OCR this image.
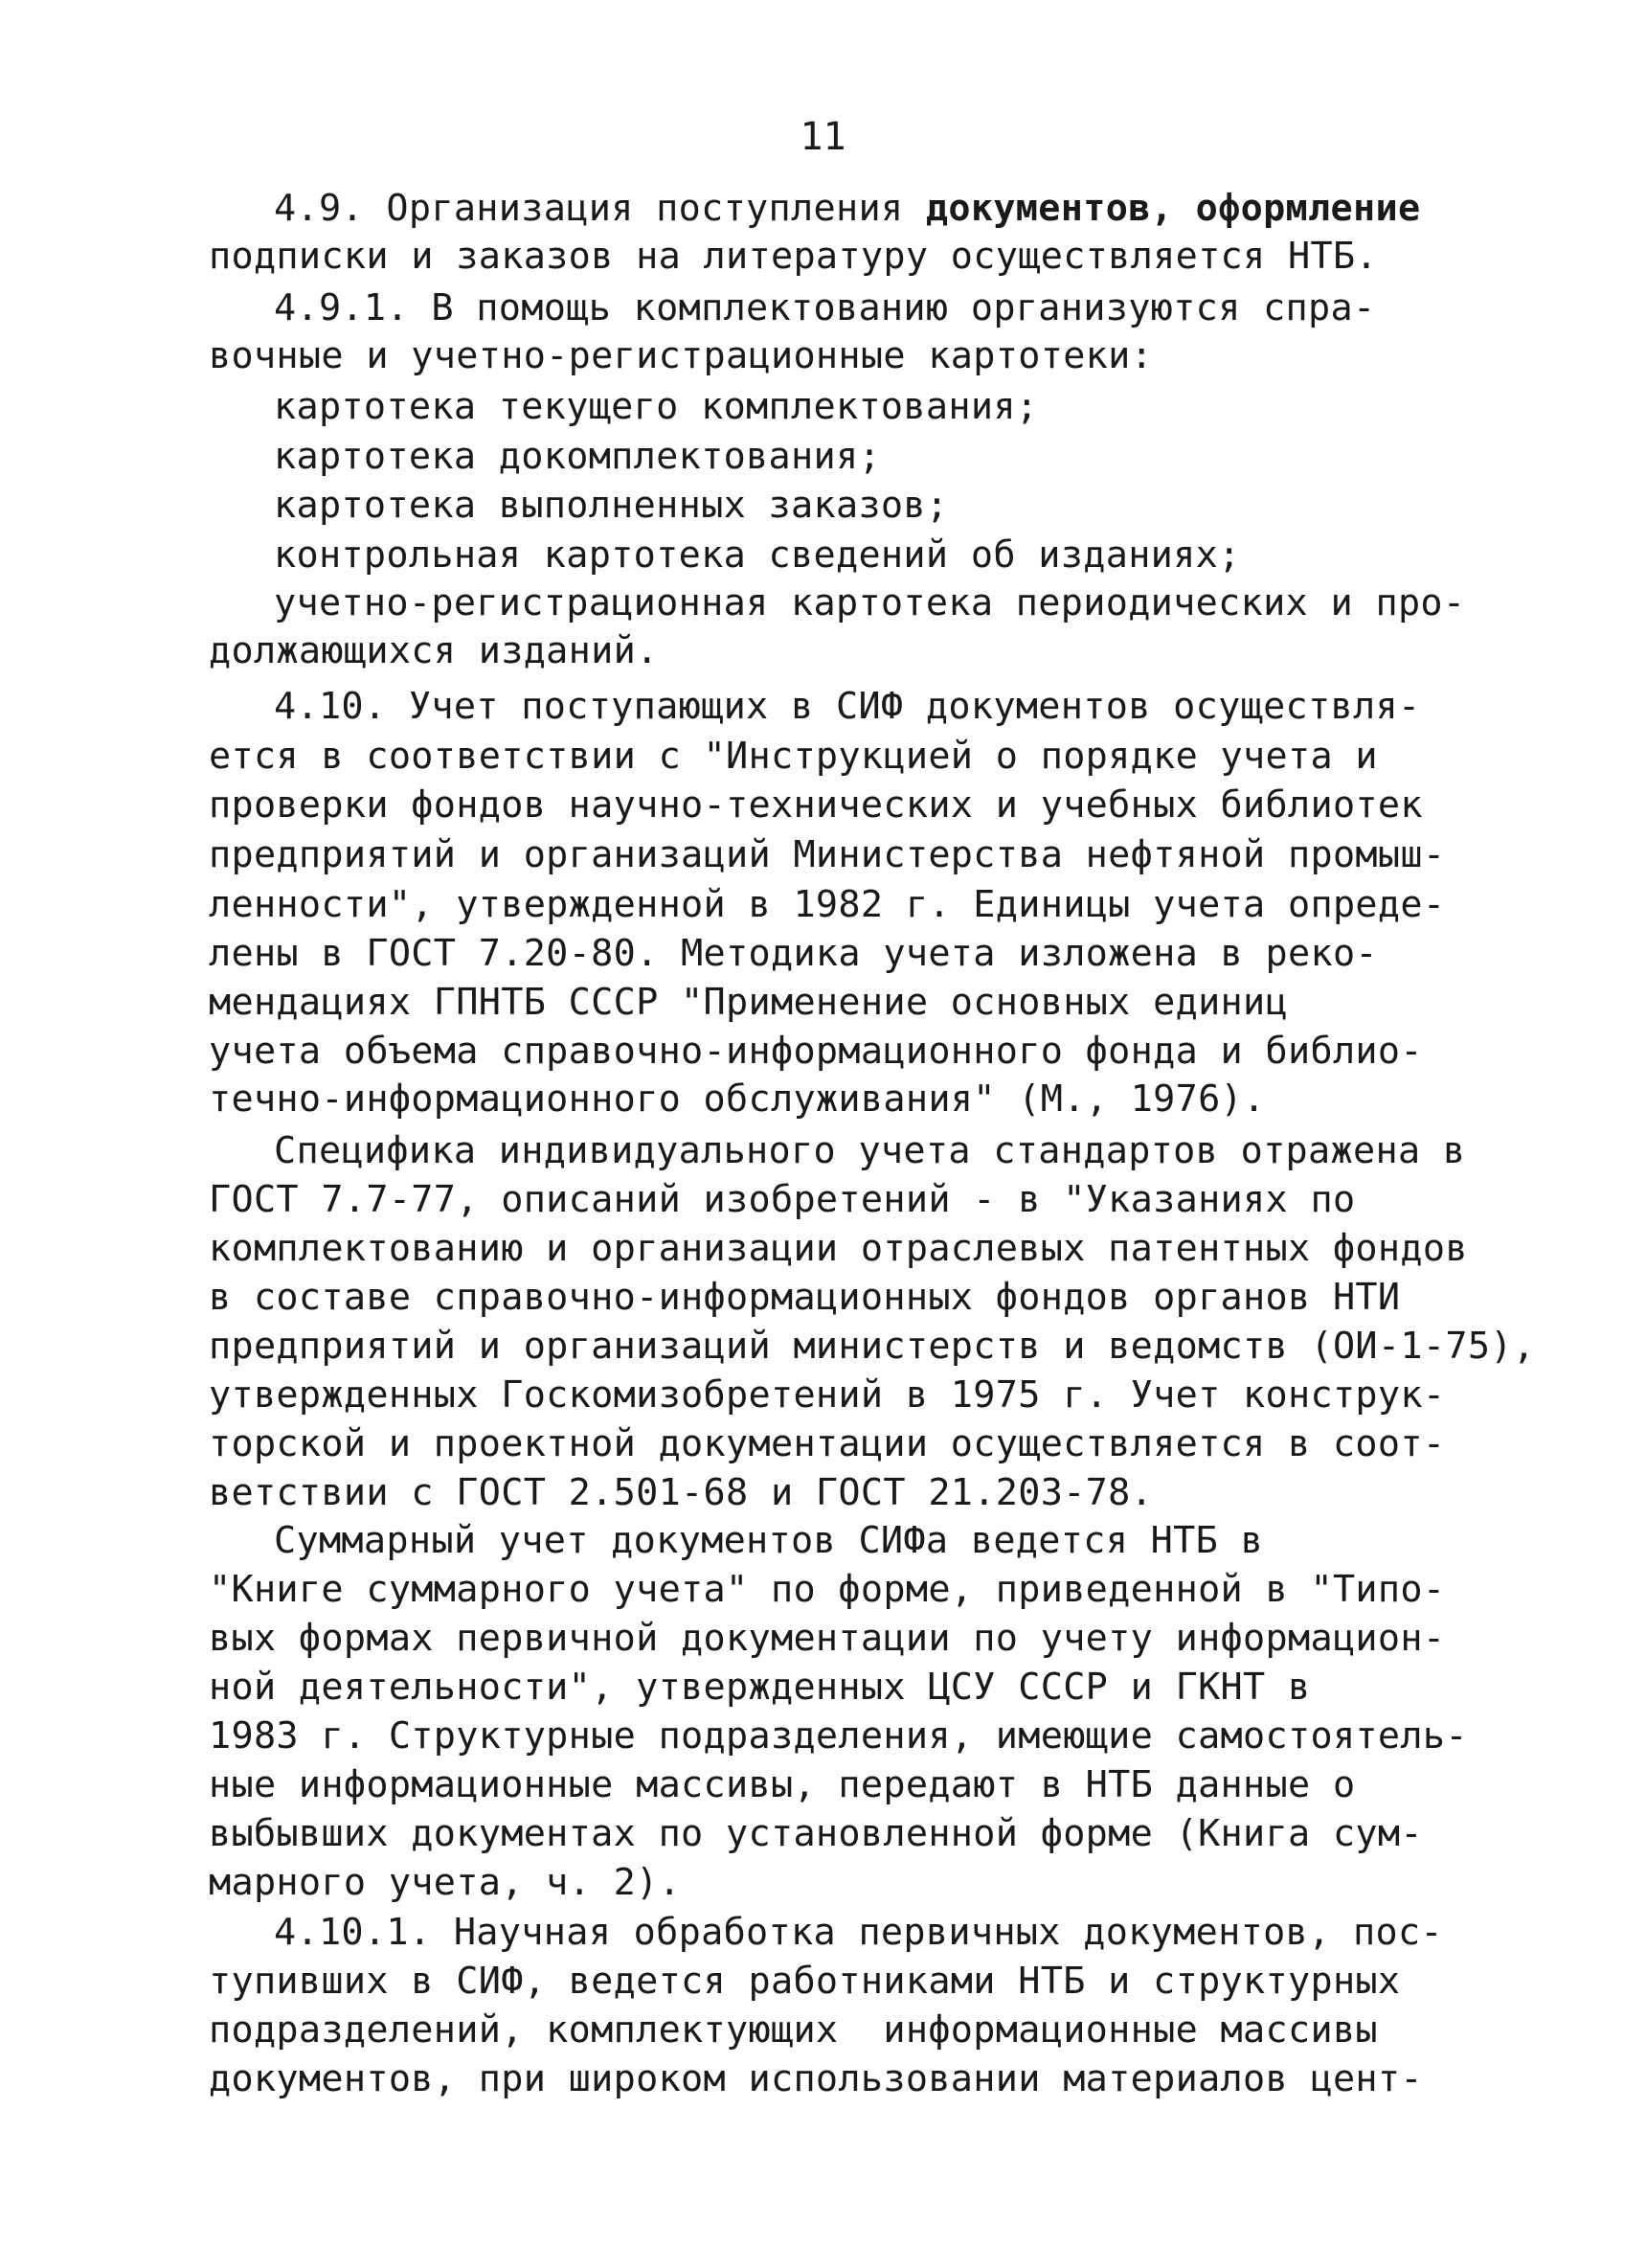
11
4.9. Организация поступления документов, оформление
подписки и заказов на литературу осуществляется НТБ.
4.9.1. В помощь комплектованию организуются спра-
вочные и учетно-регистрационные картотеки:
картотека текущего комплектования;
картотека докомплектования;
картотека выполненных заказов;
контрольная картотека сведений об изданиях;
учетно-регистрационная картотека периодических и про-
должающихся изданий.
4.10. Учет поступающих в СИФ документов осуществля-
ется в соответствии с "Инструкцией о порядке учета и
проверки фондов научно-технических и учебных библиотек
предприятий и организаций Министерства нефтяной промыш-
ленности", утвержденной в 1982 г. Единицы учета опреде-
лены в ГОСТ 7.20-80. Методика учета изложена в реко-
мендациях ГПНТБ СССР "Применение основных единиц
учета объема справочно-информационного фонда и библио-
течно-информационного обслуживания" (М., 1976).
Специфика индивидуального учета стандартов отражена в
ГОСТ 7.7-77, описаний изобретений - в "Указаниях по
комплектованию и организации отраслевых патентных фондов
в составе справочно-информационных фондов органов НТИ
предприятий и организаций министерств и ведомств (ОИ-1-75),
утвержденных Госкомизобретений в 1975 г. Учет конструк-
торской и проектной документации осуществляется в соот-
ветствии с ГОСТ 2.501-68 и ГОСТ 21.203-78.
Суммарный учет документов СИФа ведется НТБ в
"Книге суммарного учета" по форме, приведенной в "Типо-
вых формах первичной документации по учету информацион-
ной деятельности", утвержденных ЦСУ СССР и ГКНТ в
1983 г. Структурные подразделения, имеющие самостоятель-
ные информационные массивы, передают в НТБ данные о
выбывших документах по установленной форме (Книга сум-
марного учета, ч. 2).
4.10.1. Научная обработка первичных документов, пос-
тупивших в СИФ, ведется работниками НТБ и структурных
подразделений, комплектующих  информационные массивы
документов, при широком использовании материалов цент-
